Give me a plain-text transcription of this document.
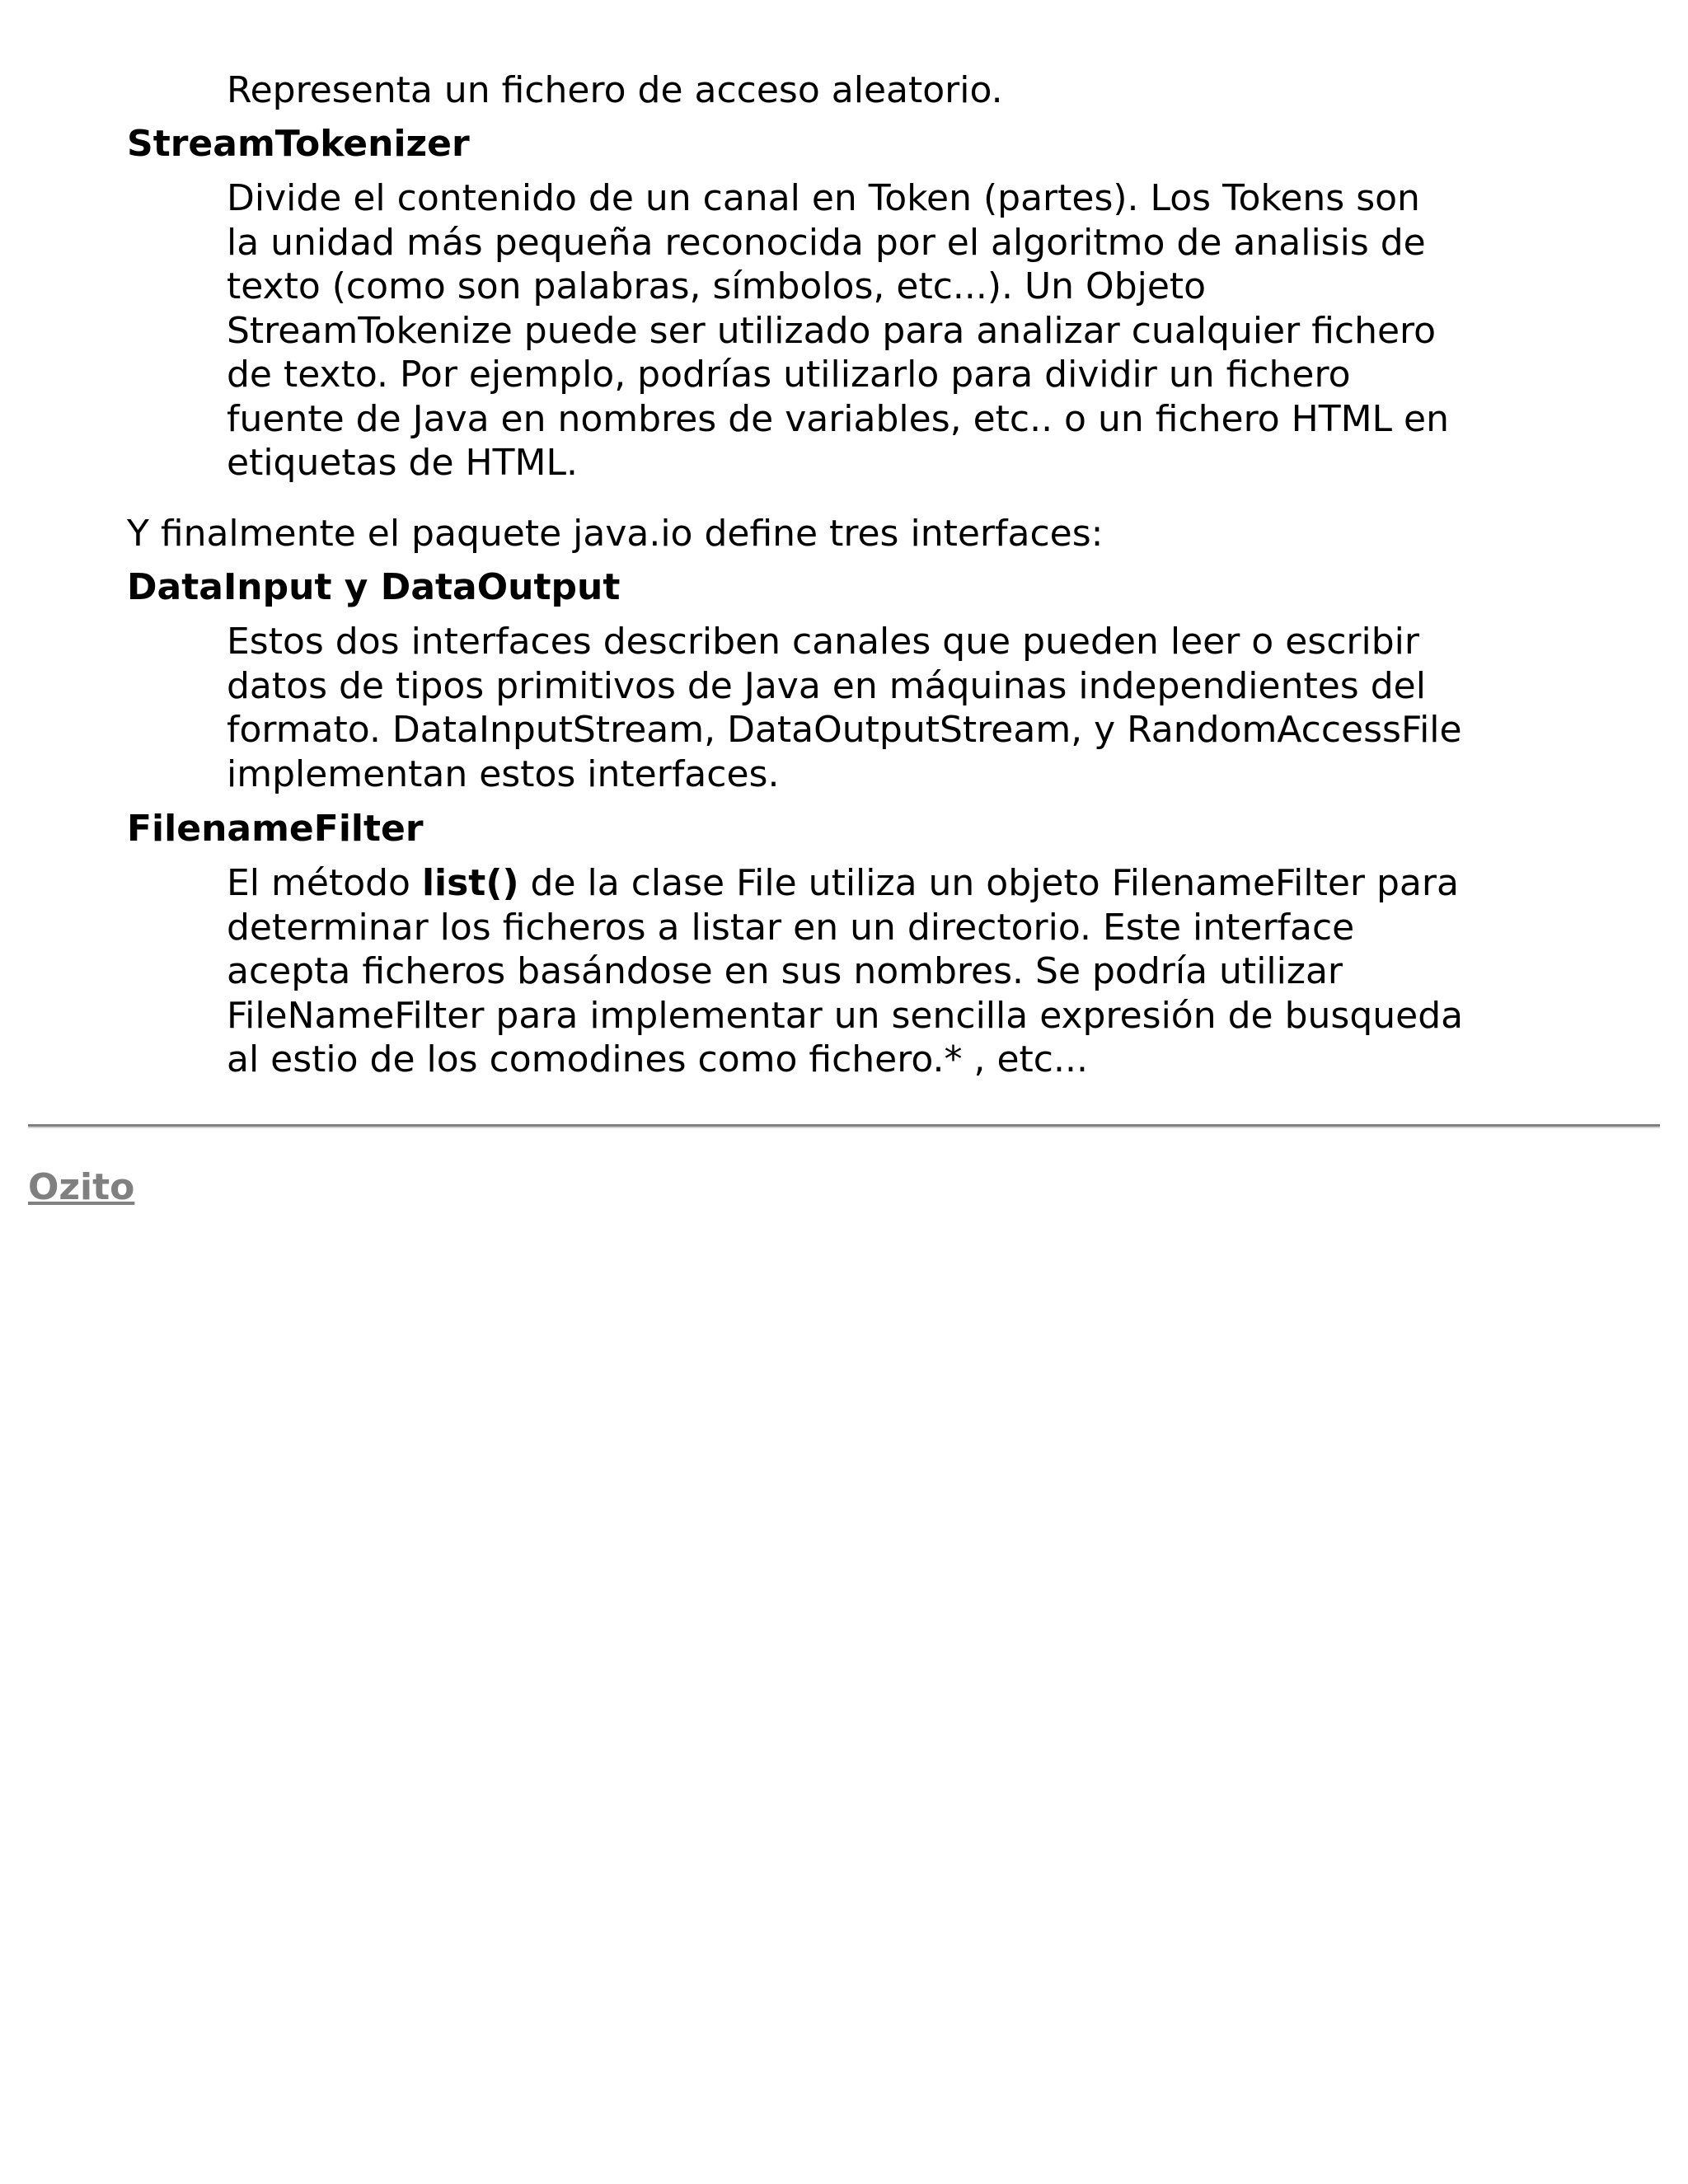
Representa un fichero de acceso aleatorio.
StreamTokenizer
Divide el contenido de un canal en Token (partes). Los Tokens son
la unidad más pequeña reconocida por el algoritmo de analisis de
texto (como son palabras, símbolos, etc...). Un Objeto
StreamTokenize puede ser utilizado para analizar cualquier fichero
de texto. Por ejemplo, podrías utilizarlo para dividir un fichero
fuente de Java en nombres de variables, etc.. o un fichero HTML en
etiquetas de HTML.
Y finalmente el paquete java.io define tres interfaces:
DataInput y DataOutput
Estos dos interfaces describen canales que pueden leer o escribir
datos de tipos primitivos de Java en máquinas independientes del
formato. DataInputStream, DataOutputStream, y RandomAccessFile
implementan estos interfaces.
FilenameFilter
El método list() de la clase File utiliza un objeto FilenameFilter para
determinar los ficheros a listar en un directorio. Este interface
acepta ficheros basándose en sus nombres. Se podría utilizar
FileNameFilter para implementar un sencilla expresión de busqueda
al estio de los comodines como fichero.* , etc...
Ozito
